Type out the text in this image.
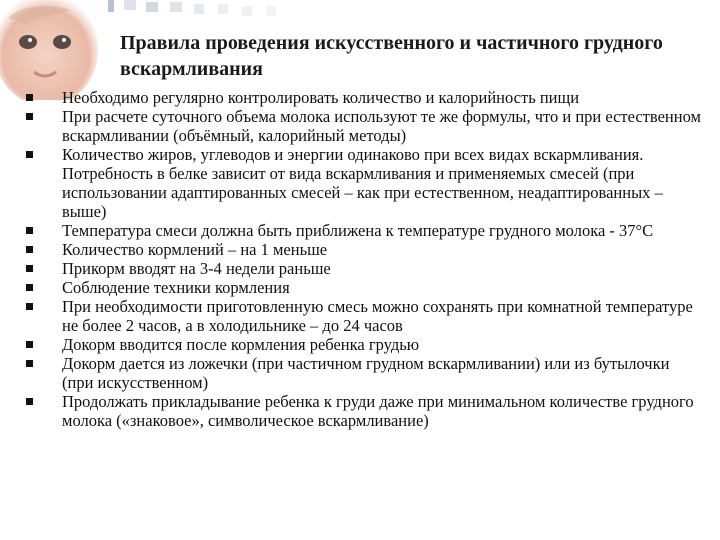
Правила проведения искусственного и частичного грудного вскармливания
Необходимо регулярно контролировать количество и калорийность пищи
При расчете суточного объема молока используют те же формулы, что и при естественном вскармливании (объёмный, калорийный методы)
Количество жиров, углеводов и энергии одинаково при всех видах вскармливания. Потребность в белке зависит от вида вскармливания и применяемых смесей (при использовании адаптированных смесей – как при естественном, неадаптированных – выше)
Температура смеси должна быть приближена к температуре грудного молока - 37°С
Количество кормлений – на 1 меньше
Прикорм вводят на 3-4 недели раньше
Соблюдение техники кормления
При необходимости приготовленную смесь можно сохранять при комнатной температуре не более 2 часов, а в холодильнике – до 24 часов
Докорм вводится после кормления ребенка грудью
Докорм дается из ложечки (при частичном грудном вскармливании) или из бутылочки (при искусственном)
Продолжать прикладывание ребенка к груди даже при минимальном количестве грудного молока («знаковое», символическое вскармливание)
